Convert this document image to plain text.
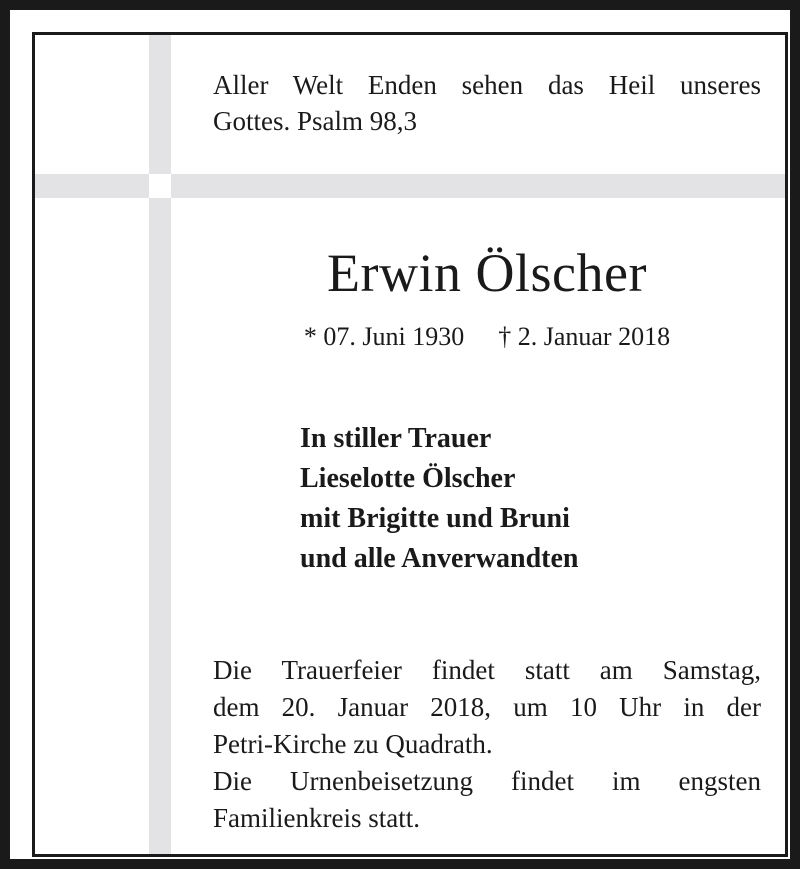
Aller Welt Enden sehen das Heil unseres
Gottes. Psalm 98,3

Erwin Ölscher
* 07. Juni 1930 † 2. Januar 2018
In stiller Trauer
Lieselotte Ölscher
mit Brigitte und Bruni
und alle Anverwandten
Die Trauerfeier findet statt am Samstag,
dem 20. Januar 2018, um 10 Uhr in der
Petri-Kirche zu Quadrath.
Die Urnenbeisetzung findet im engsten
Familienkreis statt.
